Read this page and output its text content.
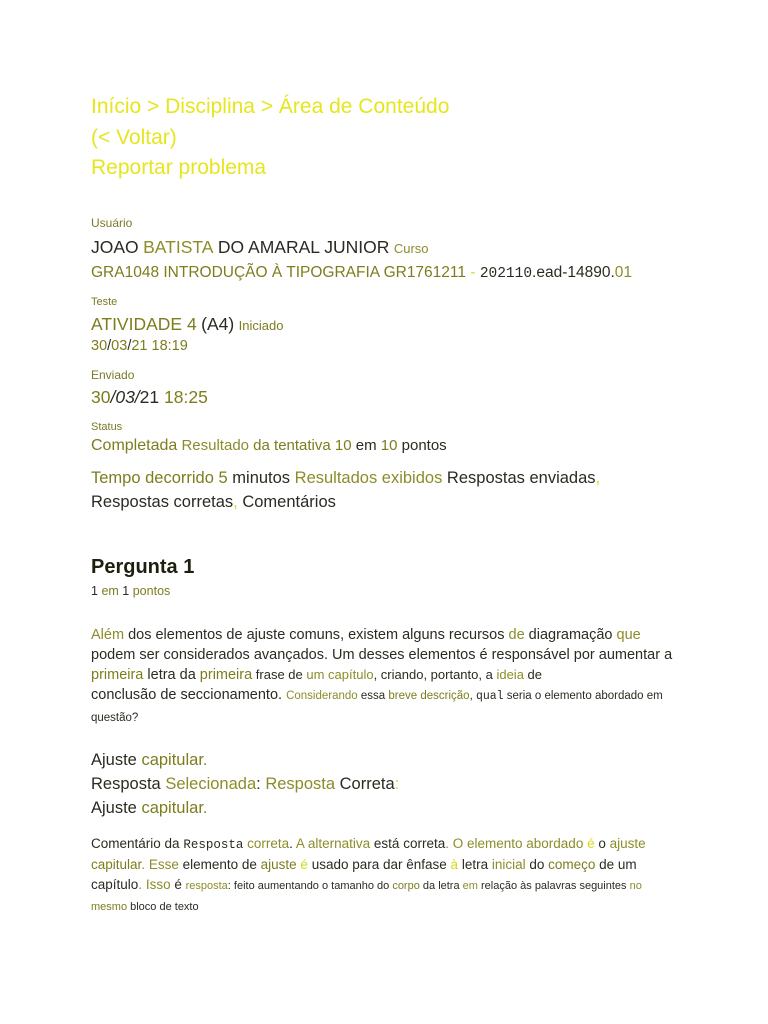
Início > Disciplina > Área de Conteúdo
(< Voltar)
Reportar problema
Usuário
JOAO BATISTA DO AMARAL JUNIOR Curso
GRA1048 INTRODUÇÃO À TIPOGRAFIA GR1761211 - 202110.ead-14890.01
Teste
ATIVIDADE 4 (A4) Iniciado
30/03/21 18:19
Enviado
30/03/21 18:25
Status
Completada Resultado da tentativa 10 em 10 pontos
Tempo decorrido 5 minutos Resultados exibidos Respostas enviadas,
Respostas corretas, Comentários
Pergunta 1
1 em 1 pontos
Além dos elementos de ajuste comuns, existem alguns recursos de diagramação que
podem ser considerados avançados. Um desses elementos é responsável por aumentar a primeira letra da primeira frase de um capítulo, criando, portanto, a ideia de
conclusão de seccionamento. Considerando essa breve descrição, qual seria o elemento abordado em
questão?
Ajuste capitular.
Resposta Selecionada: Resposta Correta:
Ajuste capitular.
Comentário da Resposta correta. A alternativa está correta. O elemento abordado é o ajuste
capitular. Esse elemento de ajuste é usado para dar ênfase à letra inicial do começo de um
capítulo. Isso é resposta: feito aumentando o tamanho do corpo da letra em relação às palavras seguintes no
mesmo bloco de texto
